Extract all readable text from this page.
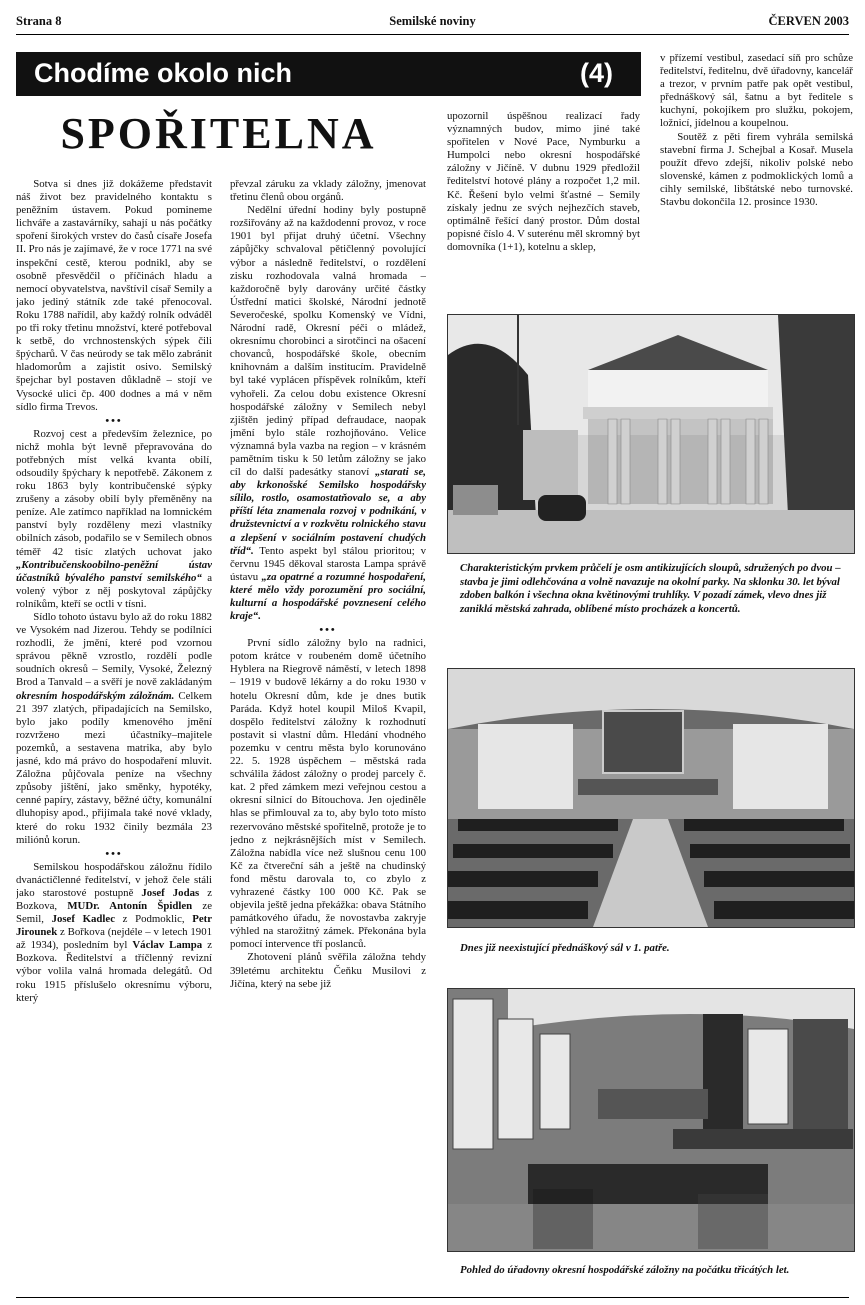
Strana 8	Semilské noviny	ČERVEN 2003
Chodíme okolo nich	(4)
SPOŘITELNA

Sotva si dnes již dokážeme představit náš život bez pravidelného kontaktu s peněžním ústavem. Pokud pomineme lichváře a zastavárníky, sahají u nás počátky spoření širokých vrstev do časů císaře Josefa II. Pro nás je zajímavé, že v roce 1771 na své inspekční cestě, kterou podnikl, aby se osobně přesvědčil o příčinách hladu a nemocí obyvatelstva, navštívil císař Semily a jako jediný státník zde také přenocoval. Roku 1788 nařídil, aby každý rolník odváděl po tři roky třetinu množství, které potřeboval k setbě, do vrchnostenských sýpek čili špýcharů. V čas neúrody se tak mělo zabránit hladomorům a zajistit osivo. Semilský špejchar byl postaven důkladně – stojí ve Vysocké ulici čp. 400 dodnes a má v něm sídlo firma Trevos.

•••

Rozvoj cest a především železnice, po nichž mohla být levně přepravována do potřebných míst velká kvanta obilí, odsoudily špýchary k nepotřebě. Zákonem z roku 1863 byly kontribučenské sýpky zrušeny a zásoby obilí byly přeměněny na peníze. Ale zatímco například na lomnickém panství byly rozděleny mezi vlastníky obilních zásob, podařilo se v Semilech obnos téměř 42 tisíc zlatých uchovat jako „Kontribučenskoobilno-peněžní ústav účastníků bývalého panství semilského“ a volený výbor z něj poskytoval zápůjčky rolníkům, kteří se octli v tísni.

Sídlo tohoto ústavu bylo až do roku 1882 ve Vysokém nad Jizerou. Tehdy se podílníci rozhodli, že jmění, které pod vzornou správou pěkně vzrostlo, rozdělí podle soudních okresů – Semily, Vysoké, Železný Brod a Tanvald – a svěří je nově zakládaným okresním hospodářským záložnám. Celkem 21 397 zlatých, připadajících na Semilsko, bylo jako podíly kmenového jmění rozvržено mezi účastníky–majitele pozemků, a sestavena matrika, aby bylo jasné, kdo má právo do hospodaření mluvit. Záložna půjčovala peníze na všechny způsoby jištění, jako směnky, hypotéky, cenné papíry, zástavy, běžné účty, komunální dluhopisy apod., přijímala také nové vklady, které do roku 1932 činily bezmála 23 miliónů korun.

•••

Semilskou hospodářskou záložnu řídilo dvanáctičlenné ředitelství, v jehož čele stáli jako starostové postupně Josef Jodas z Bozkova, MUDr. Antonín Špidlen ze Semil, Josef Kadlec z Podmoklic, Petr Jiroun​ek z Bořkova (nejdéle – v letech 1901 až 1934), posledním byl Václav Lampa z Bozkova. Ředitelství a tříčlenný revizní výbor volila valná hromada delegátů. Od roku 1915 příslušelo okresnímu výboru, který

převzal záruku za vklady záložny, jmenovat třetinu členů obou orgánů.

Nedělní úřední hodiny byly postupně rozšiřovány až na každodenní provoz, v roce 1901 byl přijat druhý účetní. Všechny zápůjčky schvaloval pětičlenný povolující výbor a následně ředitelství, o rozdělení zisku rozhodovala valná hromada – každoročně byly darovány určité částky Ústřední matici školské, Národní jednotě Severočeské, spolku Komenský ve Vídni, Národní radě, Okresní péči o mládež, okresnímu chorobinci a sirotčinci na ošacení chovanců, hospodářské škole, obecním knihovnám a dalším institucím. Pravidelně byl také vyplácen příspěvek rolníkům, kteří vyhořeli. Za celou dobu existence Okresní hospodářské záložny v Semilech nebyl zjištěn jediný případ defraudace, naopak jmění bylo stále rozhojňováno. Velice významná byla vazba na region – v krásném pamětním tisku k 50 letům záložny se jako cíl do další padesátky stanoví „starati se, aby krkonošské Semilsko hospodářsky sílilo, rostlo, osamostatňovalo se, a aby příští léta znamenala rozvoj v podnikání, v družstevnictví a v rozkvětu rolnického stavu a zlepšení v sociálním postavení chudých tříd“. Tento aspekt byl stálou prioritou; v červnu 1945 děkoval starosta Lampa správě ústavu „za opatrné a rozumné hospodaření, které mělo vždy porozumění pro sociální, kulturní a hospodářské povznesení celého kraje“.

•••

První sídlo záložny bylo na radnici, potom krátce v roubeném domě účetního Hyblera na Riegrově náměstí, v letech 1898 – 1919 v budově lékárny a do roku 1930 v hotelu Okresní dům, kde je dnes butik Paráda. Když hotel koupil Miloš Kvapil, dospělo ředitelství záložny k rozhodnutí postavit si vlastní dům. Hledání vhodného pozemku v centru města bylo korunováno 22. 5. 1928 úspěchem – městská rada schválila žádost záložny o prodej parcely č. kat. 2 před zámkem mezi veřejnou cestou a okresní silnicí do Bítouchova. Jen ojediněle hlas se přimlouval za to, aby bylo toto místo rezervováno městské spořitelně, protože je to jedno z nejkrásnějších míst v Semilech. Záložna nabídla více než slušnou cenu 100 Kč za čtvereční sáh a ještě na chudinský fond městu darovala to, co zbylo z vyhrazené částky 100 000 Kč. Pak se objevila ještě jedna překážka: obava Státního památkového úřadu, že novostavba zakryje výhled na starožitný zámek. Překonána byla pomocí intervence tří poslanců.

Zhotovení plánů svěřila záložna tehdy 39letému architektu Čeňku Musilovi z Jičína, který na sebe již

upozornil úspěšnou realizací řady významných budov, mimo jiné také spořitelen v Nové Pace, Nymburku a Humpolci nebo okresní hospodářské záložny v Jičíně. V dubnu 1929 předložil ředitelství hotové plány a rozpočet 1,2 mil. Kč. Řešení bylo velmi šťastné – Semily získaly jednu ze svých nejhezčích staveb, optimálně řešící daný prostor. Dům dostal popisné číslo 4. V suterénu měl skromný byt domovníka (1+1), kotelnu a sklep,

v přízemí vestibul, zasedací síň pro schůze ředitelství, ředitelnu, dvě úřadovny, kancelář a trezor, v prvním patře pak opět vestibul, přednáškový sál, šatnu a byt ředitele s kuchyní, pokojíkem pro služku, pokojem, ložnicí, jídelnou a koupelnou.

Soutěž z pěti firem vyhrála semilská stavební firma J. Schejbal a Kosař. Musela použít dřevo zdejší, nikoliv polské nebo slovenské, kámen z podmoklických lomů a cihly semilské, libštátské nebo turnovské. Stavbu dokončila 12. prosince 1930.

Charakteristickým prvkem průčelí je osm antikizujících sloupů, sdružených po dvou – stavba je jimi odlehčována a volně navazuje na okolní parky. Na sklonku 30. let býval zdoben balkón i všechna okna květinovými truhlíky. V pozadí zámek, vlevo dnes již zaniklá městská zahrada, oblíbené místo procházek a koncertů.
Dnes již neexistující přednáškový sál v 1. patře.
Pohled do úřadovny okresní hospodářské záložny na počátku třicátých let.
